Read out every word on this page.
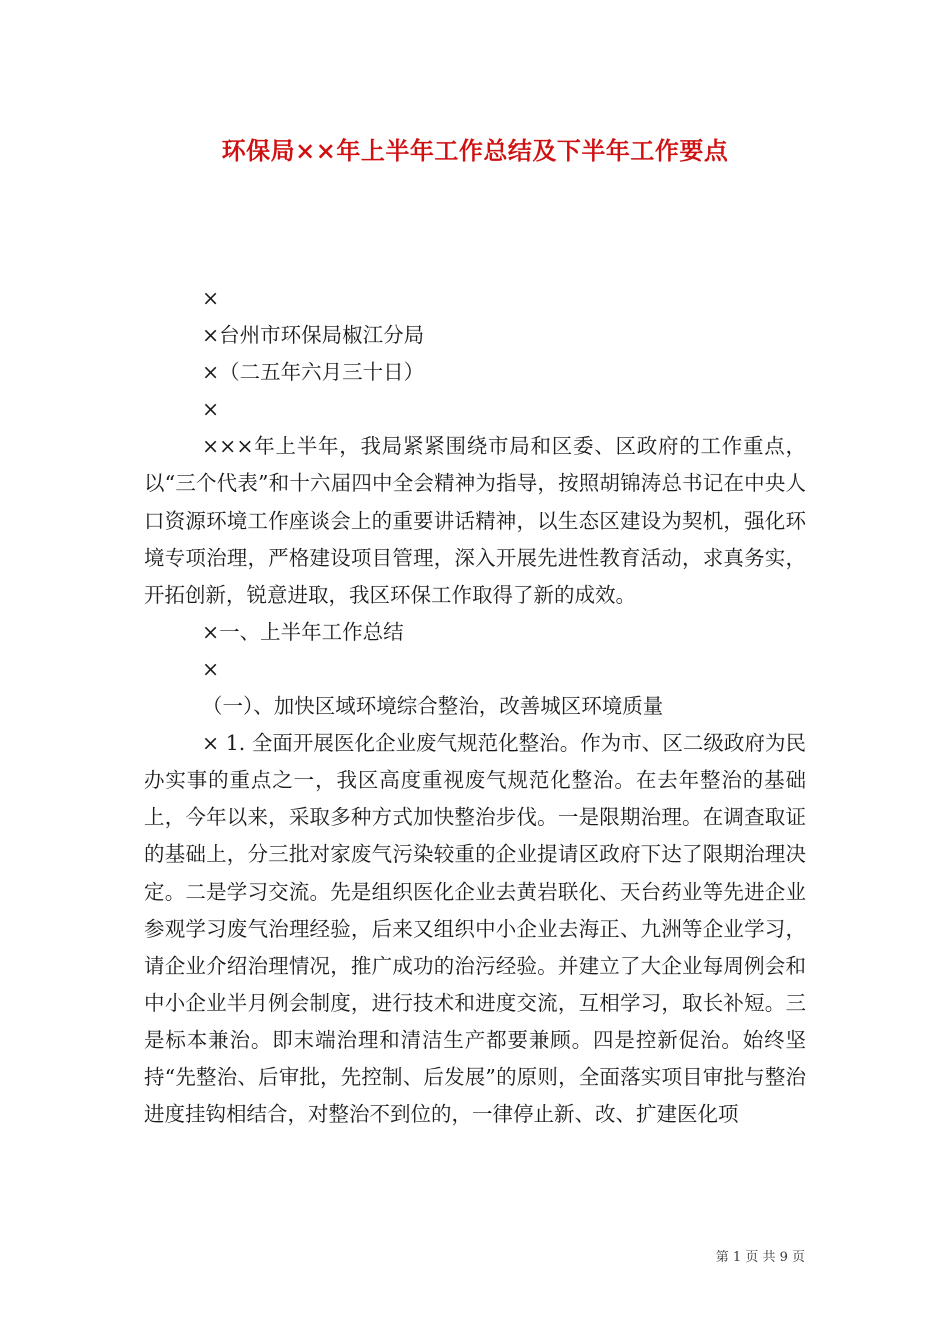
环保局××年上半年工作总结及下半年工作要点

×

×台州市环保局椒江分局

×（二五年六月三十日）

×

×××年上半年，我局紧紧围绕市局和区委、区政府的工作重点，以“三个代表”和十六届四中全会精神为指导，按照胡锦涛总书记在中央人口资源环境工作座谈会上的重要讲话精神，以生态区建设为契机，强化环境专项治理，严格建设项目管理，深入开展先进性教育活动，求真务实，开拓创新，锐意进取，我区环保工作取得了新的成效。

×一、上半年工作总结

×

（一）、加快区域环境综合整治，改善城区环境质量

× 1. 全面开展医化企业废气规范化整治。作为市、区二级政府为民办实事的重点之一，我区高度重视废气规范化整治。在去年整治的基础上，今年以来，采取多种方式加快整治步伐。一是限期治理。在调查取证的基础上，分三批对家废气污染较重的企业提请区政府下达了限期治理决定。二是学习交流。先是组织医化企业去黄岩联化、天台药业等先进企业参观学习废气治理经验，后来又组织中小企业去海正、九洲等企业学习，请企业介绍治理情况，推广成功的治污经验。并建立了大企业每周例会和中小企业半月例会制度，进行技术和进度交流，互相学习，取长补短。三是标本兼治。即末端治理和清洁生产都要兼顾。四是控新促治。始终坚持“先整治、后审批，先控制、后发展”的原则，全面落实项目审批与整治进度挂钩相结合，对整治不到位的，一律停止新、改、扩建医化项

第 1 页 共 9 页
